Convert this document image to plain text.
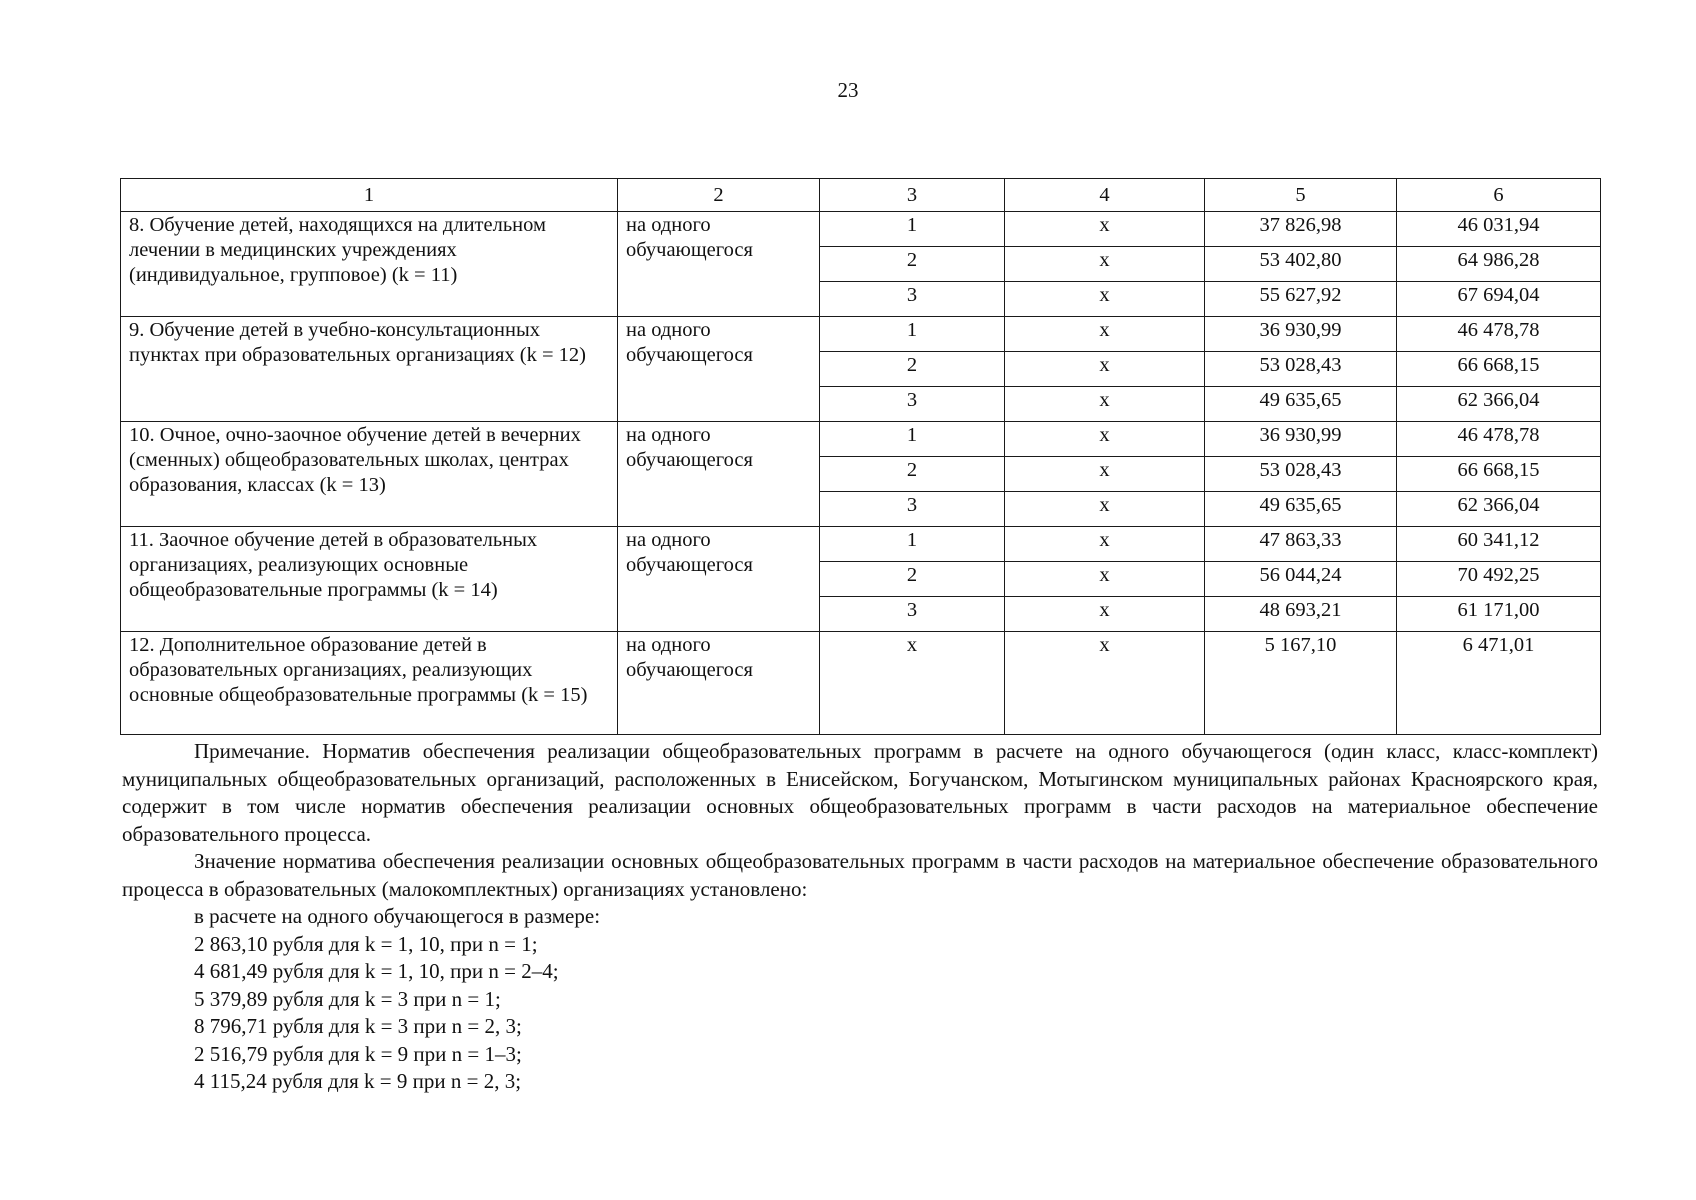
23
1	2	3	4	5	6
8. Обучение детей, находящихся на длительном лечении в медицинских учреждениях (индивидуальное, групповое) (k = 11)	на одного обучающегося	1	x	37 826,98	46 031,94
		2	x	53 402,80	64 986,28
		3	x	55 627,92	67 694,04
9. Обучение детей в учебно-консультационных пунктах при образовательных организациях (k = 12)	на одного обучающегося	1	x	36 930,99	46 478,78
		2	x	53 028,43	66 668,15
		3	x	49 635,65	62 366,04
10. Очное, очно-заочное обучение детей в вечерних (сменных) общеобразовательных школах, центрах образования, классах (k = 13)	на одного обучающегося	1	x	36 930,99	46 478,78
		2	x	53 028,43	66 668,15
		3	x	49 635,65	62 366,04
11. Заочное обучение детей в образовательных организациях, реализующих основные общеобразовательные программы (k = 14)	на одного обучающегося	1	x	47 863,33	60 341,12
		2	x	56 044,24	70 492,25
		3	x	48 693,21	61 171,00
12. Дополнительное образование детей в образовательных организациях, реализующих основные общеобразовательные программы (k = 15)	на одного обучающегося	x	x	5 167,10	6 471,01

Примечание. Норматив обеспечения реализации общеобразовательных программ в расчете на одного обучающегося (один класс, класс-комплект) муниципальных общеобразовательных организаций, расположенных в Енисейском, Богучанском, Мотыгинском муниципальных районах Красноярского края, содержит в том числе норматив обеспечения реализации основных общеобразовательных программ в части расходов на материальное обеспечение образовательного процесса.

Значение норматива обеспечения реализации основных общеобразовательных программ в части расходов на материальное обеспечение образовательного процесса в образовательных (малокомплектных) организациях установлено:

в расчете на одного обучающегося в размере:
2 863,10 рубля для k = 1, 10, при n = 1;
4 681,49 рубля для k = 1, 10, при n = 2–4;
5 379,89 рубля для k = 3 при n = 1;
8 796,71 рубля для k = 3 при n = 2, 3;
2 516,79 рубля для k = 9 при n = 1–3;
4 115,24 рубля для k = 9 при n = 2, 3;
